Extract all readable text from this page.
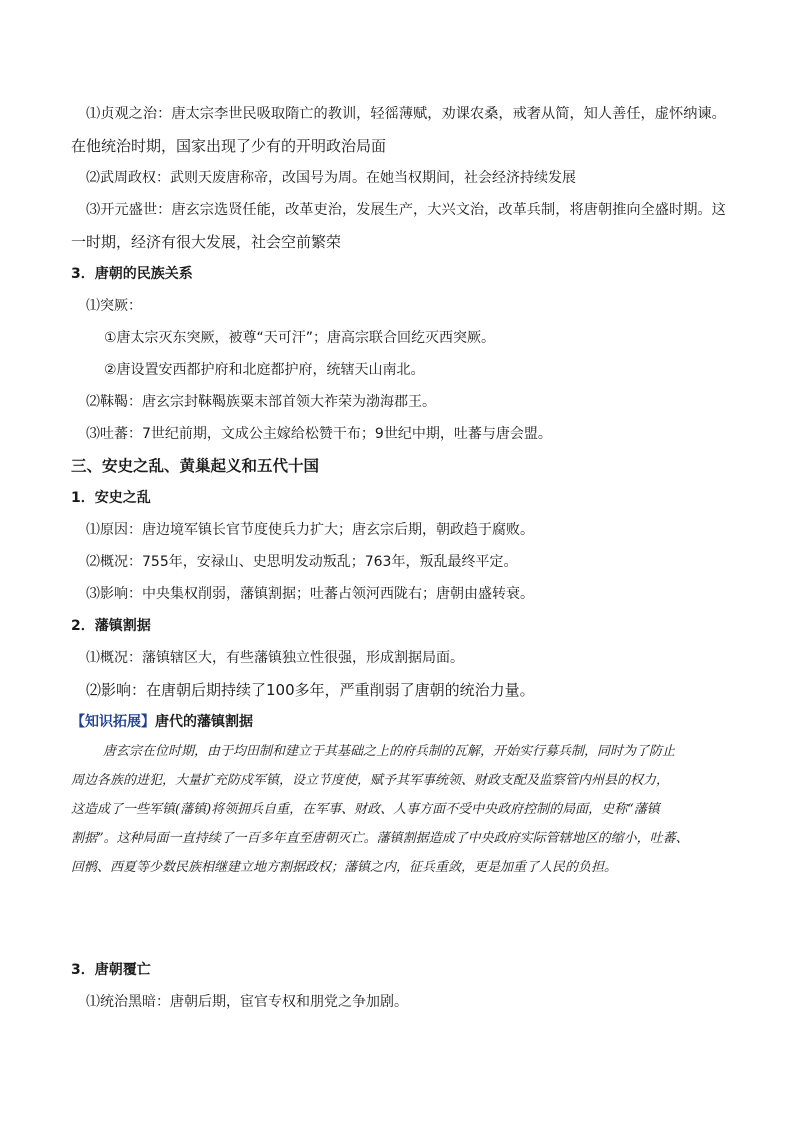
⑴贞观之治：唐太宗李世民吸取隋亡的教训，轻徭薄赋，劝课农桑，戒奢从简，知人善任，虚怀纳谏。
在他统治时期，国家出现了少有的开明政治局面
⑵武周政权：武则天废唐称帝，改国号为周。在她当权期间，社会经济持续发展
⑶开元盛世：唐玄宗选贤任能，改革吏治，发展生产，大兴文治，改革兵制，将唐朝推向全盛时期。这
一时期，经济有很大发展，社会空前繁荣
3．唐朝的民族关系
⑴突厥：
①唐太宗灭东突厥，被尊“天可汗”；唐高宗联合回纥灭西突厥。
②唐设置安西都护府和北庭都护府，统辖天山南北。
⑵靺鞨：唐玄宗封靺鞨族粟末部首领大祚荣为渤海郡王。
⑶吐蕃：7世纪前期，文成公主嫁给松赞干布；9世纪中期，吐蕃与唐会盟。
三、安史之乱、黄巢起义和五代十国
1．安史之乱
⑴原因：唐边境军镇长官节度使兵力扩大；唐玄宗后期，朝政趋于腐败。
⑵概况：755年，安禄山、史思明发动叛乱；763年，叛乱最终平定。
⑶影响：中央集权削弱，藩镇割据；吐蕃占领河西陇右；唐朝由盛转衰。
2．藩镇割据
⑴概况：藩镇辖区大，有些藩镇独立性很强，形成割据局面。
⑵影响：在唐朝后期持续了100多年，严重削弱了唐朝的统治力量。
【知识拓展】唐代的藩镇割据

唐玄宗在位时期，由于均田制和建立于其基础之上的府兵制的瓦解，开始实行募兵制，同时为了防止

周边各族的进犯，大量扩充防戍军镇，设立节度使，赋予其军事统领、财政支配及监察管内州县的权力，

这造成了一些军镇(藩镇)将领拥兵自重，在军事、财政、人事方面不受中央政府控制的局面，史称“藩镇

割据”。这种局面一直持续了一百多年直至唐朝灭亡。藩镇割据造成了中央政府实际管辖地区的缩小，吐蕃、

回鹘、西夏等少数民族相继建立地方割据政权；藩镇之内，征兵重敛，更是加重了人民的负担。

3．唐朝覆亡
⑴统治黑暗：唐朝后期，宦官专权和朋党之争加剧。
